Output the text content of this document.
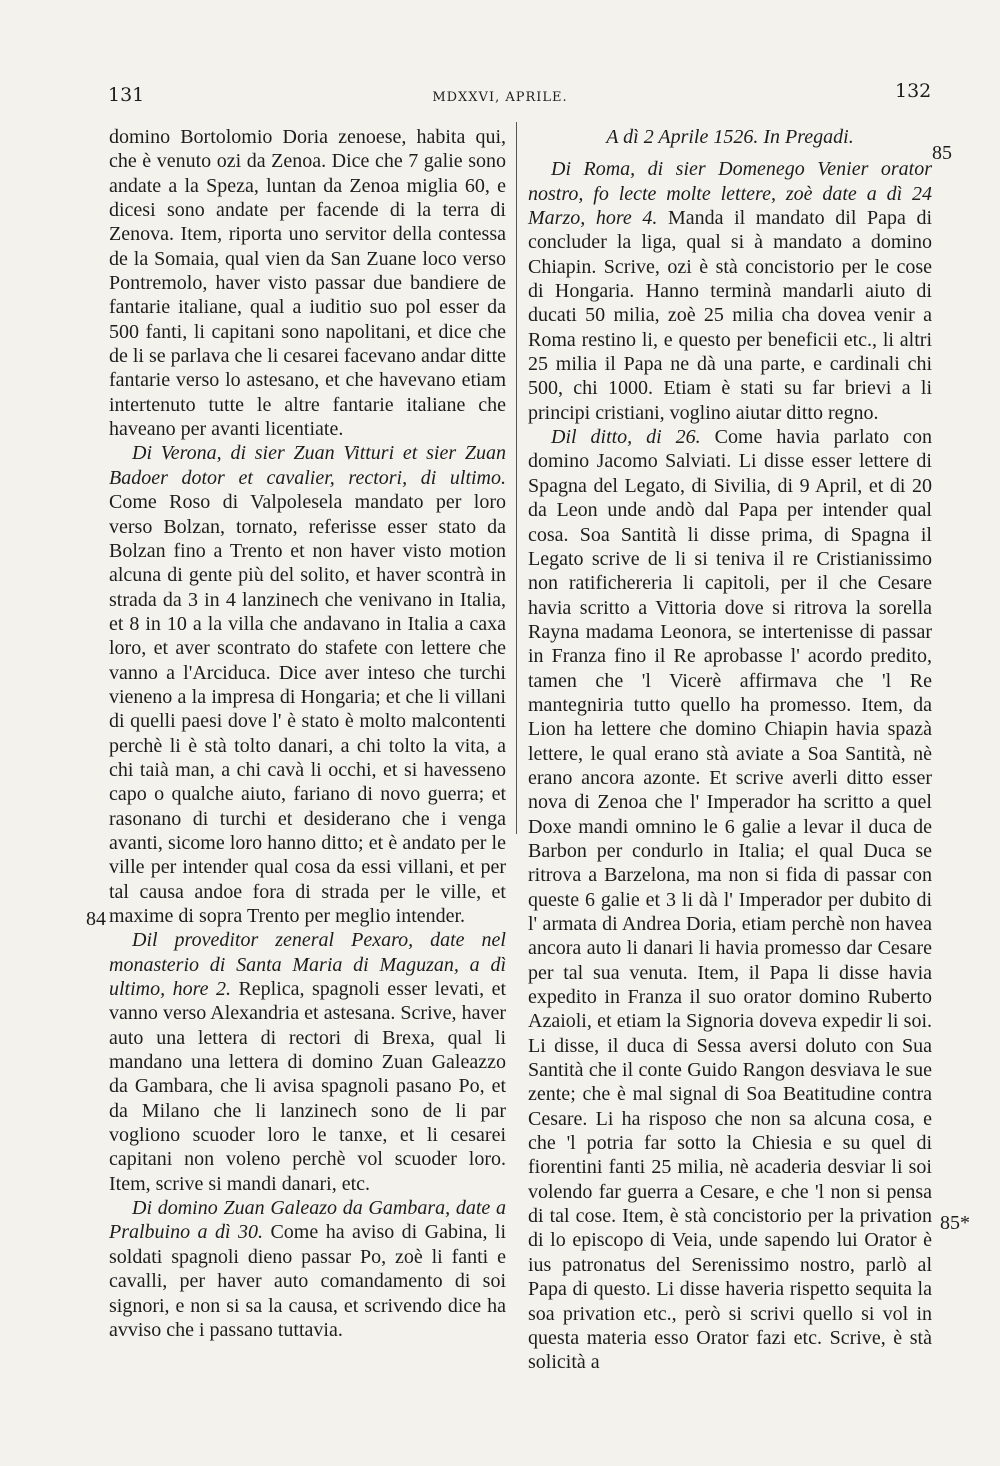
131	MDXXVI, APRILE.	132

domino Bortolomio Doria zenoese, habita qui, che è venuto ozi da Zenoa. Dice che 7 galie sono andate a la Speza, luntan da Zenoa miglia 60, e dicesi sono andate per facende di la terra di Zenova. Item, riporta uno servitor della contessa de la Somaia, qual vien da San Zuane loco verso Pontremolo, haver visto passar due bandiere de fantarie italiane, qual a iuditio suo pol esser da 500 fanti, li capitani sono napolitani, et dice che de li se parlava che li cesarei facevano andar ditte fantarie verso lo astesano, et che havevano etiam intertenuto tutte le altre fantarie italiane che haveano per avanti licentiate.

Di Verona, di sier Zuan Vitturi et sier Zuan Badoer dotor et cavalier, rectori, di ultimo. Come Roso di Valpolesela mandato per loro verso Bolzan, tornato, referisse esser stato da Bolzan fino a Trento et non haver visto motion alcuna di gente più del solito, et haver scontrà in strada da 3 in 4 lanzinech che venivano in Italia, et 8 in 10 a la villa che andavano in Italia a caxa loro, et aver scontrato do stafete con lettere che vanno a l'Arciduca. Dice aver inteso che turchi vieneno a la impresa di Hongaria; et che li villani di quelli paesi dove l' è stato è molto malcontenti perchè li è stà tolto danari, a chi tolto la vita, a chi taià man, a chi cavà li occhi, et si havesseno capo o qualche aiuto, fariano di novo guerra; et rasonano di turchi et desiderano che i venga avanti, sicome loro hanno ditto; et è andato per le ville per intender qual cosa da essi villani, et per tal causa andoe fora di strada per le ville, et maxime di sopra Trento per meglio intender.

Dil proveditor zeneral Pexaro, date nel monasterio di Santa Maria di Maguzan, a dì ultimo, hore 2. Replica, spagnoli esser levati, et vanno verso Alexandria et astesana. Scrive, haver auto una lettera di rectori di Brexa, qual li mandano una lettera di domino Zuan Galeazzo da Gambara, che li avisa spagnoli pasano Po, et da Milano che li lanzinech sono de li par vogliono scuoder loro le tanxe, et li cesarei capitani non voleno perchè vol scuoder loro. Item, scrive si mandi danari, etc.

Di domino Zuan Galeazo da Gambara, date a Pralbuino a dì 30. Come ha aviso di Gabina, li soldati spagnoli dieno passar Po, zoè li fanti e cavalli, per haver auto comandamento di soi signori, e non si sa la causa, et scrivendo dice ha avviso che i passano tuttavia.

A dì 2 Aprile 1526. In Pregadi.

Di Roma, di sier Domenego Venier orator nostro, fo lecte molte lettere, zoè date a dì 24 Marzo, hore 4. Manda il mandato dil Papa di concluder la liga, qual si à mandato a domino Chiapin. Scrive, ozi è stà concistorio per le cose di Hongaria. Hanno terminà mandarli aiuto di ducati 50 milia, zoè 25 milia cha dovea venir a Roma restino li, e questo per beneficii etc., li altri 25 milia il Papa ne dà una parte, e cardinali chi 500, chi 1000. Etiam è stati su far brievi a li principi cristiani, voglino aiutar ditto regno.

Dil ditto, di 26. Come havia parlato con domino Jacomo Salviati. Li disse esser lettere di Spagna del Legato, di Sivilia, di 9 April, et di 20 da Leon unde andò dal Papa per intender qual cosa. Soa Santità li disse prima, di Spagna il Legato scrive de li si teniva il re Cristianissimo non ratifichereria li capitoli, per il che Cesare havia scritto a Vittoria dove si ritrova la sorella Rayna madama Leonora, se intertenisse di passar in Franza fino il Re aprobasse l' acordo predito, tamen che 'l Vicerè affirmava che 'l Re mantegniria tutto quello ha promesso. Item, da Lion ha lettere che domino Chiapin havia spazà lettere, le qual erano stà aviate a Soa Santità, nè erano ancora azonte. Et scrive averli ditto esser nova di Zenoa che l' Imperador ha scritto a quel Doxe mandi omnino le 6 galie a levar il duca de Barbon per condurlo in Italia; el qual Duca se ritrova a Barzelona, ma non si fida di passar con queste 6 galie et 3 li dà l' Imperador per dubito di l' armata di Andrea Doria, etiam perchè non havea ancora auto li danari li havia promesso dar Cesare per tal sua venuta. Item, il Papa li disse havia expedito in Franza il suo orator domino Ruberto Azaioli, et etiam la Signoria doveva expedir li soi. Li disse, il duca di Sessa aversi doluto con Sua Santità che il conte Guido Rangon desviava le sue zente; che è mal signal di Soa Beatitudine contra Cesare. Li ha risposo che non sa alcuna cosa, e che 'l potria far sotto la Chiesia e su quel di fiorentini fanti 25 milia, nè acaderia desviar li soi volendo far guerra a Cesare, e che 'l non si pensa di tal cose. Item, è stà concistorio per la privation di lo episcopo di Veia, unde sapendo lui Orator è ius patronatus del Serenissimo nostro, parlò al Papa di questo. Li disse haveria rispetto sequita la soa privation etc., però si scrivi quello si vol in questa materia esso Orator fazi etc. Scrive, è stà solicità a

85
84
85*
